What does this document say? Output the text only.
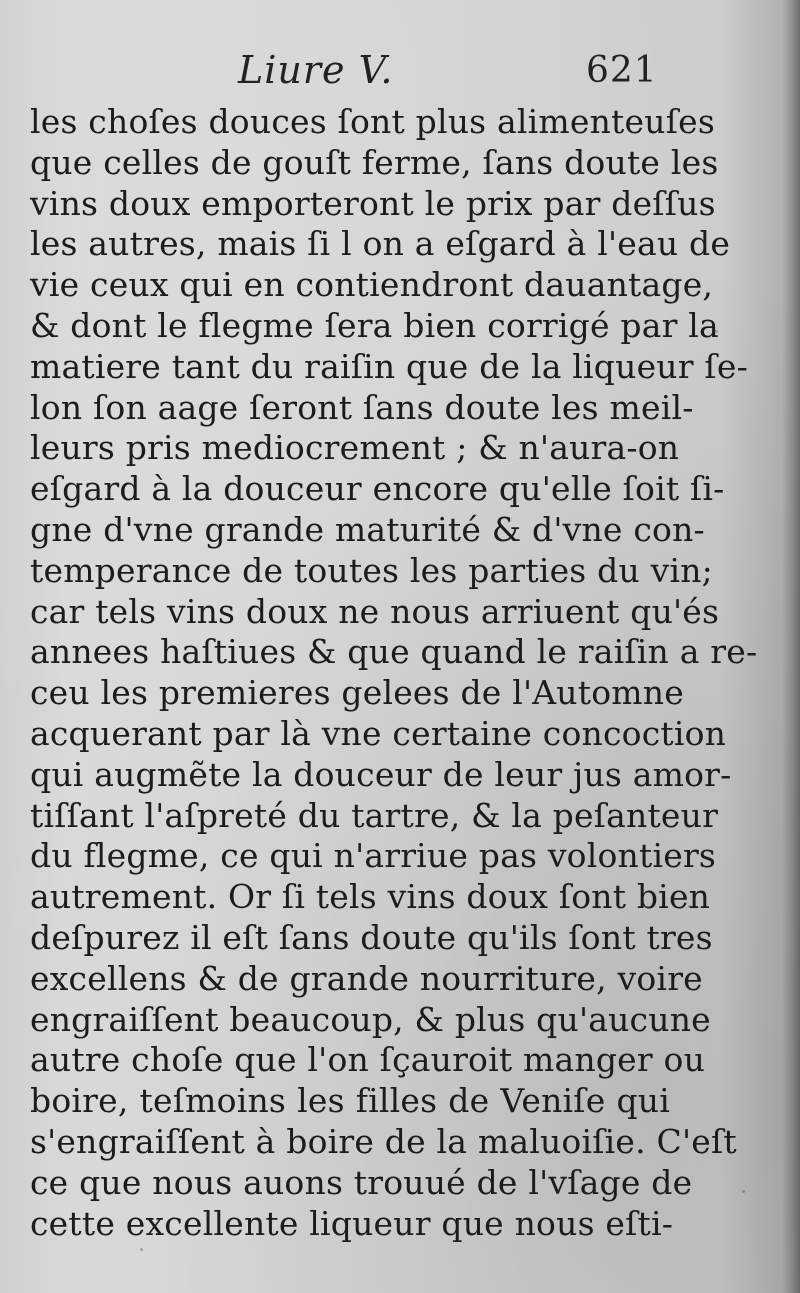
Liure V.	621
les choſes douces ſont plus alimenteuſes
que celles de gouſt ferme, ſans doute les
vins doux emporteront le prix par deſſus
les autres, mais ſi l on a eſgard à l'eau de
vie ceux qui en contiendront dauantage,
& dont le flegme ſera bien corrigé par la
matiere tant du raiſin que de la liqueur ſe-
lon ſon aage ſeront ſans doute les meil-
leurs pris mediocrement ; & n'aura-on
eſgard à la douceur encore qu'elle ſoit ſi-
gne d'vne grande maturité & d'vne con-
temperance de toutes les parties du vin;
car tels vins doux ne nous arriuent qu'és
annees haſtiues & que quand le raiſin a re-
ceu les premieres gelees de l'Automne
acquerant par là vne certaine concoction
qui augmẽte la douceur de leur jus amor-
tiſſant l'aſpreté du tartre, & la peſanteur
du flegme, ce qui n'arriue pas volontiers
autrement. Or ſi tels vins doux ſont bien
deſpurez il eſt ſans doute qu'ils ſont tres
excellens & de grande nourriture, voire
engraiſſent beaucoup, & plus qu'aucune
autre choſe que l'on ſçauroit manger ou
boire, teſmoins les filles de Veniſe qui
s'engraiſſent à boire de la maluoiſie. C'eſt
ce que nous auons trouué de l'vſage de
cette excellente liqueur que nous eſti-
